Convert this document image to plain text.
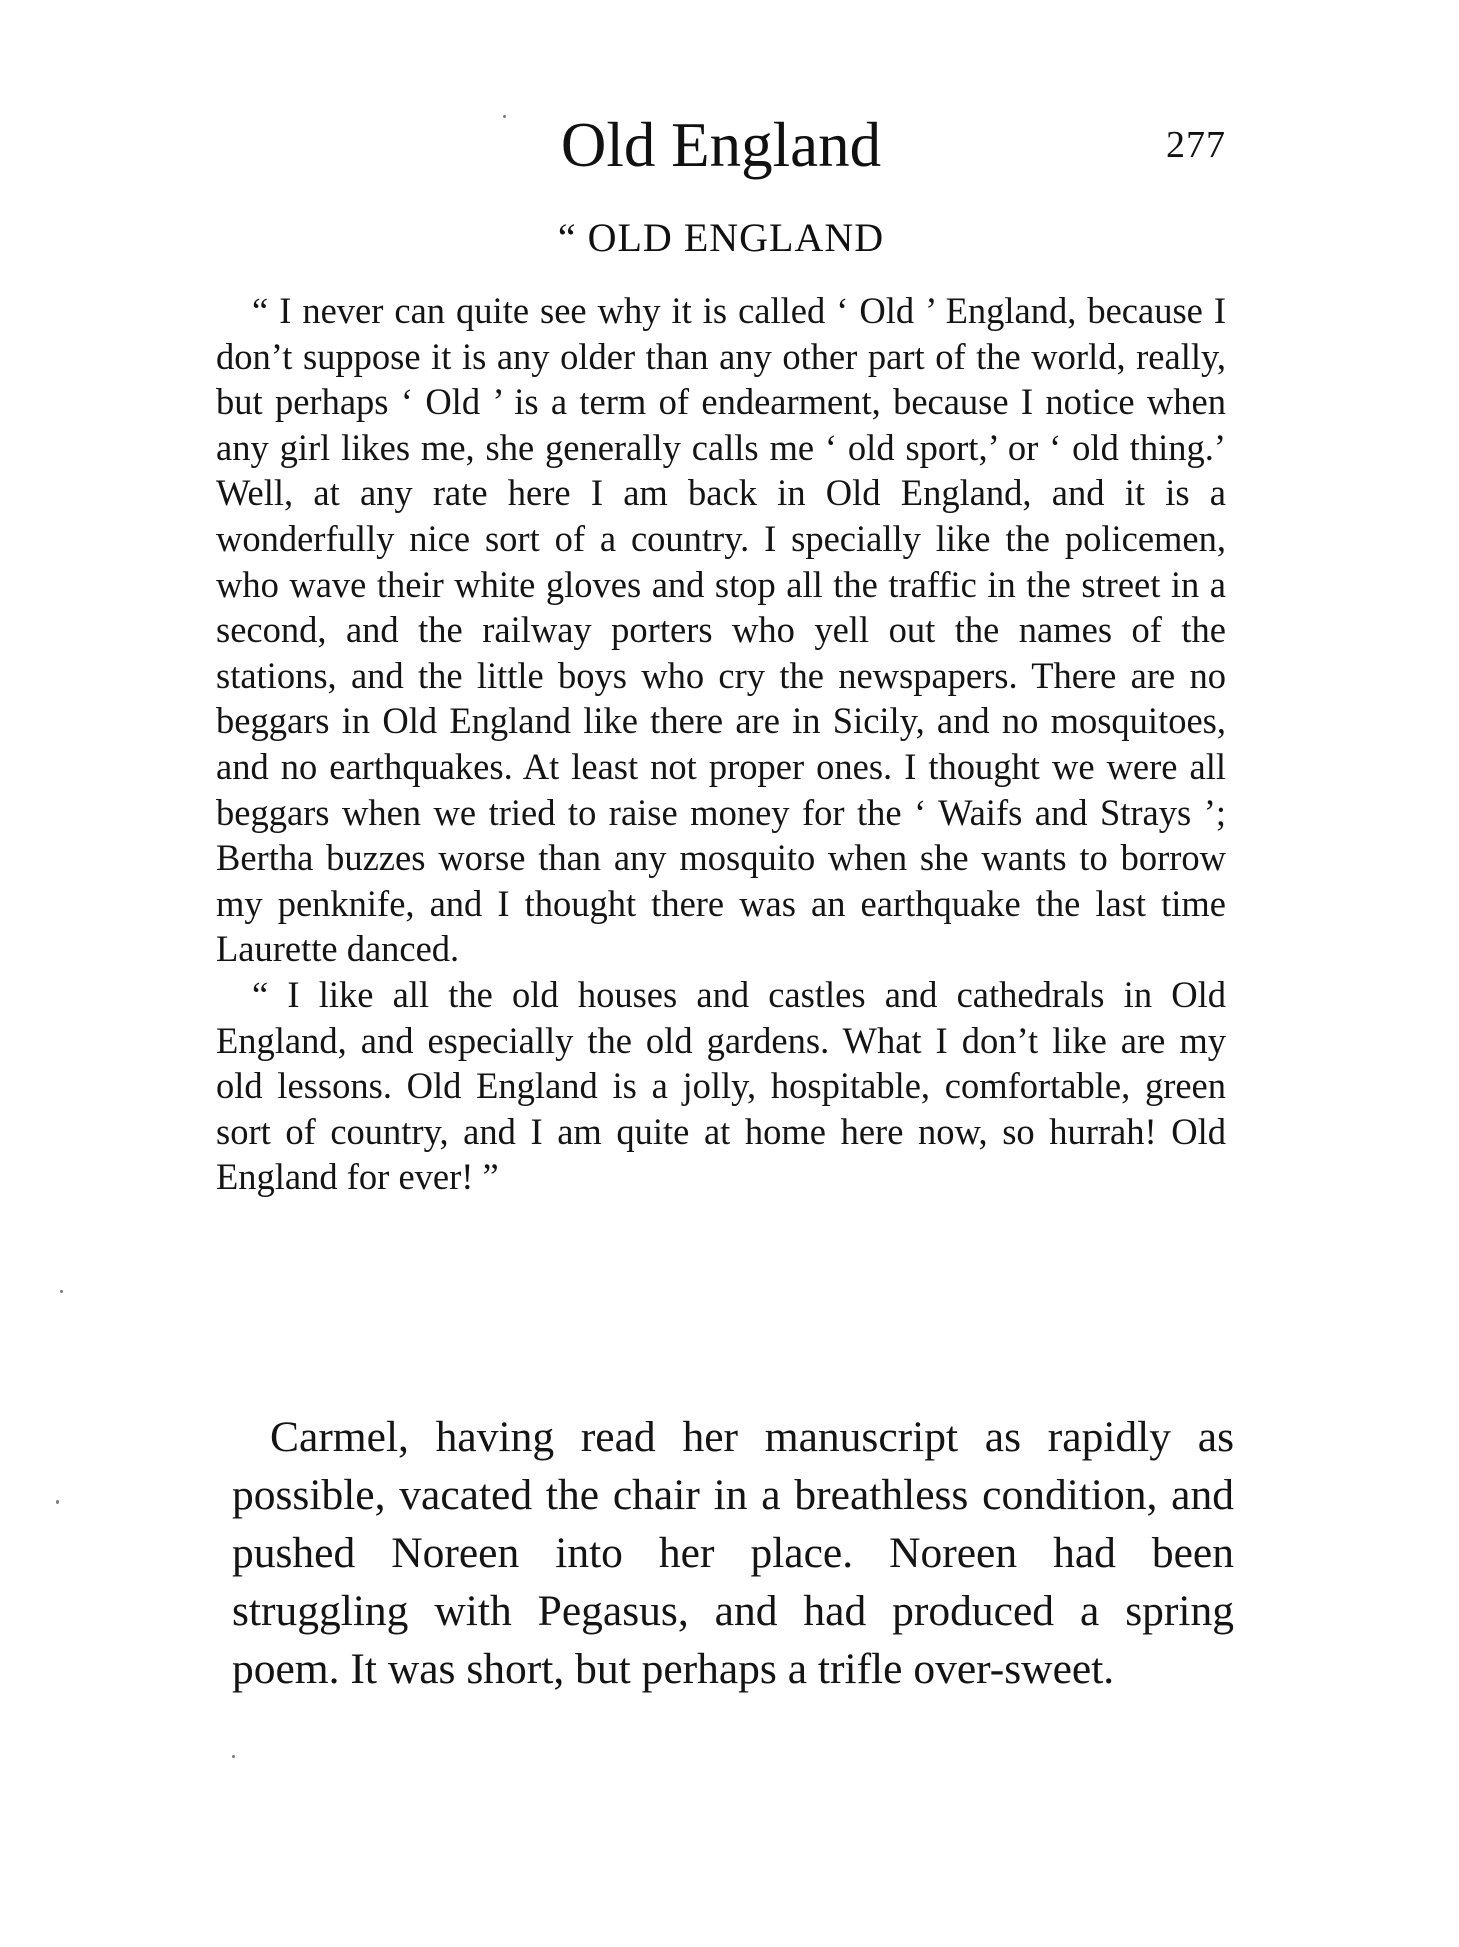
Old England	277
“ OLD ENGLAND

“ I never can quite see why it is called ‘ Old ’ England, because I don’t suppose it is any older than any other part of the world, really, but perhaps ‘ Old ’ is a term of endearment, because I notice when any girl likes me, she generally calls me ‘ old sport,’ or ‘ old thing.’ Well, at any rate here I am back in Old England, and it is a wonderfully nice sort of a country. I specially like the policemen, who wave their white gloves and stop all the traffic in the street in a second, and the railway porters who yell out the names of the stations, and the little boys who cry the newspapers. There are no beggars in Old England like there are in Sicily, and no mosquitoes, and no earthquakes. At least not proper ones. I thought we were all beggars when we tried to raise money for the ‘ Waifs and Strays ’; Bertha buzzes worse than any mosquito when she wants to borrow my penknife, and I thought there was an earthquake the last time Laurette danced.

“ I like all the old houses and castles and cathedrals in Old England, and especially the old gardens. What I don’t like are my old lessons. Old England is a jolly, hospitable, comfortable, green sort of country, and I am quite at home here now, so hurrah! Old England for ever! ”

Carmel, having read her manuscript as rapidly as possible, vacated the chair in a breathless condition, and pushed Noreen into her place. Noreen had been struggling with Pegasus, and had produced a spring poem. It was short, but perhaps a trifle over-sweet.
